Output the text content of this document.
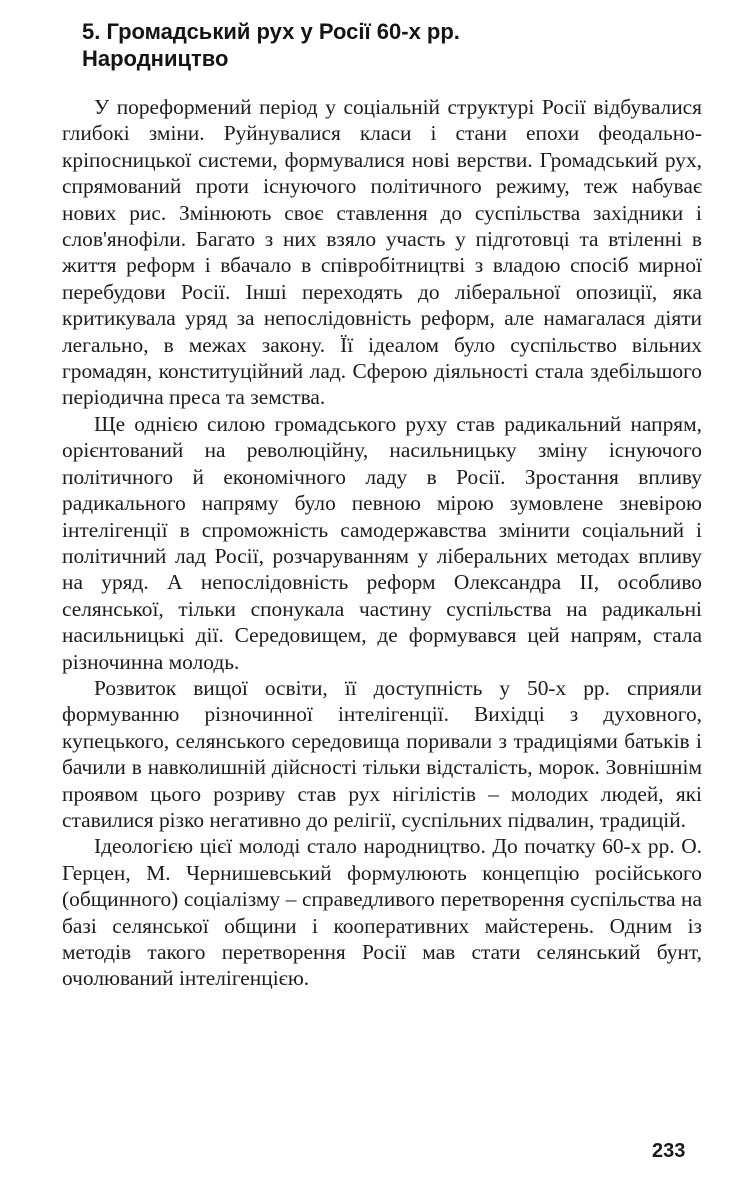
5. Громадський рух у Росії 60-х рр.
Народництво

У пореформений період у соціальній структурі Росії відбувалися глибокі зміни. Руйнувалися класи і стани епохи феодально-кріпосницької системи, формувалися нові верстви. Громадський рух, спрямований проти існуючого політичного режиму, теж набуває нових рис. Змінюють своє ставлення до суспільства західники і слов'янофіли. Багато з них взяло участь у підготовці та втіленні в життя реформ і вбачало в співробітництві з владою спосіб мирної перебудови Росії. Інші переходять до ліберальної опозиції, яка критикувала уряд за непослідовність реформ, але намагалася діяти легально, в межах закону. Її ідеалом було суспільство вільних громадян, конституційний лад. Сферою діяльності стала здебільшого періодична преса та земства.

Ще однією силою громадського руху став радикальний напрям, орієнтований на революційну, насильницьку зміну існуючого політичного й економічного ладу в Росії. Зростання впливу радикального напряму було певною мірою зумовлене зневірою інтелігенції в спроможність самодержавства змінити соціальний і політичний лад Росії, розчаруванням у ліберальних методах впливу на уряд. А непослідовність реформ Олександра II, особливо селянської, тільки спонукала частину суспільства на радикальні насильницькі дії. Середовищем, де формувався цей напрям, стала різночинна молодь.

Розвиток вищої освіти, її доступність у 50-х рр. сприяли формуванню різночинної інтелігенції. Вихідці з духовного, купецького, селянського середовища поривали з традиціями батьків і бачили в навколишній дійсності тільки відсталість, морок. Зовнішнім проявом цього розриву став рух нігілістів – молодих людей, які ставилися різко негативно до релігії, суспільних підвалин, традицій.

Ідеологією цієї молоді стало народництво. До початку 60-х рр. О. Герцен, М. Чернишевський формулюють концепцію російського (общинного) соціалізму – справедливого перетворення суспільства на базі селянської общини і кооперативних майстерень. Одним із методів такого перетворення Росії мав стати селянський бунт, очолюваний інтелігенцією.

233
